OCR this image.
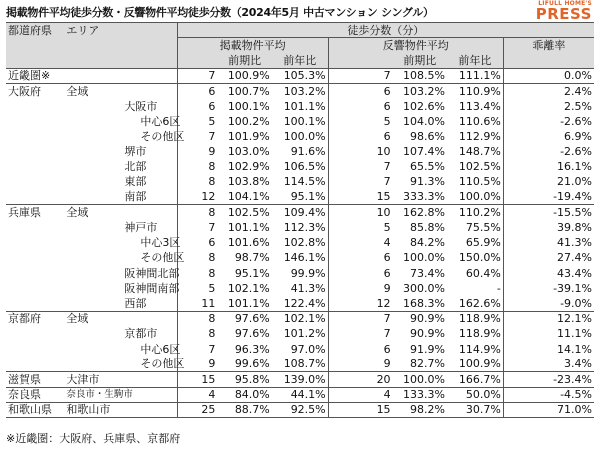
掲載物件平均徒歩分数・反響物件平均徒歩分数（2024年5月 中古マンション シングル）
LIFULL HOME'S
PRESS
都道府県	エリア	徒歩分数（分）						
		掲載物件平均			反響物件平均			乖離率
			前期比	前年比		前期比	前年比	
近畿圏※		7	100.9%	105.3%	7	108.5%	111.1%	0.0%
大阪府	全域	6	100.7%	103.2%	6	103.2%	110.9%	2.4%
	大阪市	6	100.1%	101.1%	6	102.6%	113.4%	2.5%
	中心6区	5	100.2%	100.1%	5	104.0%	110.6%	-2.6%
	その他区	7	101.9%	100.0%	6	98.6%	112.9%	6.9%
	堺市	9	103.0%	91.6%	10	107.4%	148.7%	-2.6%
	北部	8	102.9%	106.5%	7	65.5%	102.5%	16.1%
	東部	8	103.8%	114.5%	7	91.3%	110.5%	21.0%
	南部	12	104.1%	95.1%	15	333.3%	100.0%	-19.4%
兵庫県	全域	8	102.5%	109.4%	10	162.8%	110.2%	-15.5%
	神戸市	7	101.1%	112.3%	5	85.8%	75.5%	39.8%
	中心3区	6	101.6%	102.8%	4	84.2%	65.9%	41.3%
	その他区	8	98.7%	146.1%	6	100.0%	150.0%	27.4%
	阪神間北部	8	95.1%	99.9%	6	73.4%	60.4%	43.4%
	阪神間南部	5	102.1%	41.3%	9	300.0%	-	-39.1%
	西部	11	101.1%	122.4%	12	168.3%	162.6%	-9.0%
京都府	全域	8	97.6%	102.1%	7	90.9%	118.9%	12.1%
	京都市	8	97.6%	101.2%	7	90.9%	118.9%	11.1%
	中心6区	7	96.3%	97.0%	6	91.9%	114.9%	14.1%
	その他区	9	99.6%	108.7%	9	82.7%	100.9%	3.4%
滋賀県	大津市	15	95.8%	139.0%	20	100.0%	166.7%	-23.4%
奈良県	奈良市・生駒市	4	84.0%	44.1%	4	133.3%	50.0%	-4.5%
和歌山県	和歌山市	25	88.7%	92.5%	15	98.2%	30.7%	71.0%
※近畿圏：大阪府、兵庫県、京都府
